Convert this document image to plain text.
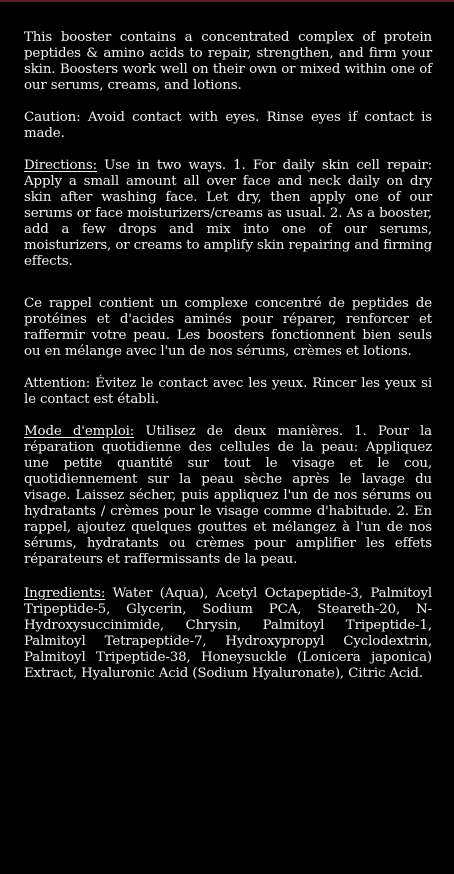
This booster contains a concentrated complex of protein peptides & amino acids to repair, strengthen, and firm your skin. Boosters work well on their own or mixed within one of our serums, creams, and lotions.

Caution: Avoid contact with eyes. Rinse eyes if contact is made.

Directions: Use in two ways. 1. For daily skin cell repair: Apply a small amount all over face and neck daily on dry skin after washing face. Let dry, then apply one of our serums or face moisturizers/creams as usual. 2. As a booster, add a few drops and mix into one of our serums, moisturizers, or creams to amplify skin repairing and firming effects.

Ce rappel contient un complexe concentré de peptides de protéines et d'acides aminés pour réparer, renforcer et raffermir votre peau. Les boosters fonctionnent bien seuls ou en mélange avec l'un de nos sérums, crèmes et lotions.

Attention: Évitez le contact avec les yeux. Rincer les yeux si le contact est établi.

Mode d'emploi: Utilisez de deux manières. 1. Pour la réparation quotidienne des cellules de la peau: Appliquez une petite quantité sur tout le visage et le cou, quotidiennement sur la peau sèche après le lavage du visage. Laissez sécher, puis appliquez l'un de nos sérums ou hydratants / crèmes pour le visage comme d'habitude. 2. En rappel, ajoutez quelques gouttes et mélangez à l'un de nos sérums, hydratants ou crèmes pour amplifier les effets réparateurs et raffermissants de la peau.

Ingredients: Water (Aqua), Acetyl Octapeptide-3, Palmitoyl Tripeptide-5, Glycerin, Sodium PCA, Steareth-20, N-Hydroxysuccinimide, Chrysin, Palmitoyl Tripeptide-1, Palmitoyl Tetrapeptide-7, Hydroxypropyl Cyclodextrin, Palmitoyl Tripeptide-38, Honeysuckle (Lonicera japonica) Extract, Hyaluronic Acid (Sodium Hyaluronate), Citric Acid.
